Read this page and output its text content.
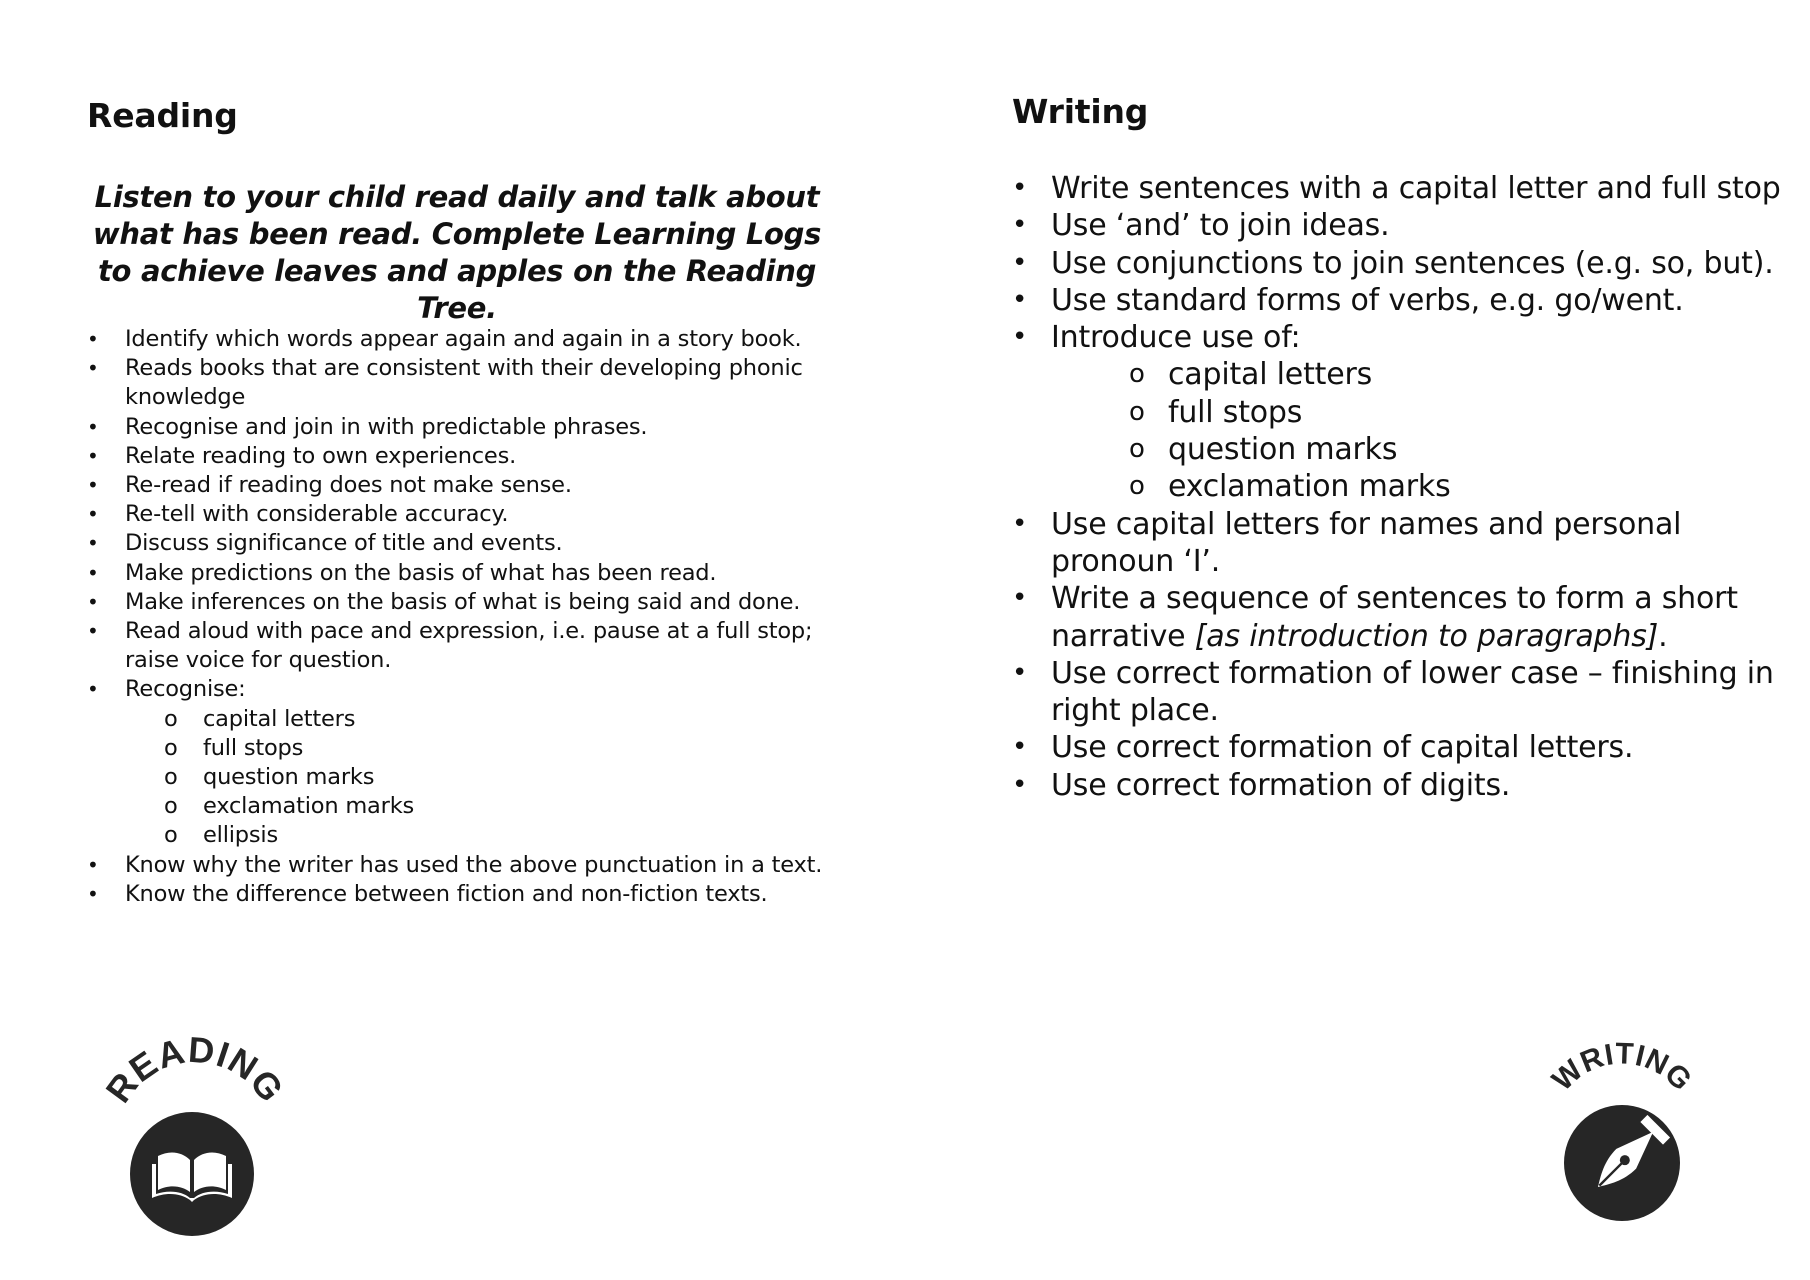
Reading

Listen to your child read daily and talk about what has been read. Complete Learning Logs to achieve leaves and apples on the Reading Tree.

• Identify which words appear again and again in a story book.
• Reads books that are consistent with their developing phonic knowledge
• Recognise and join in with predictable phrases.
• Relate reading to own experiences.
• Re-read if reading does not make sense.
• Re-tell with considerable accuracy.
• Discuss significance of title and events.
• Make predictions on the basis of what has been read.
• Make inferences on the basis of what is being said and done.
• Read aloud with pace and expression, i.e. pause at a full stop; raise voice for question.
• Recognise:
o capital letters
o full stops
o question marks
o exclamation marks
o ellipsis
• Know why the writer has used the above punctuation in a text.
• Know the difference between fiction and non-fiction texts.
Writing
• Write sentences with a capital letter and full stop
• Use ‘and’ to join ideas.
• Use conjunctions to join sentences (e.g. so, but).
• Use standard forms of verbs, e.g. go/went.
• Introduce use of:
o capital letters
o full stops
o question marks
o exclamation marks
• Use capital letters for names and personal pronoun ‘I’.
• Write a sequence of sentences to form a short narrative [as introduction to paragraphs].
• Use correct formation of lower case – finishing in right place.
• Use correct formation of capital letters.
• Use correct formation of digits.
READING	WRITING
